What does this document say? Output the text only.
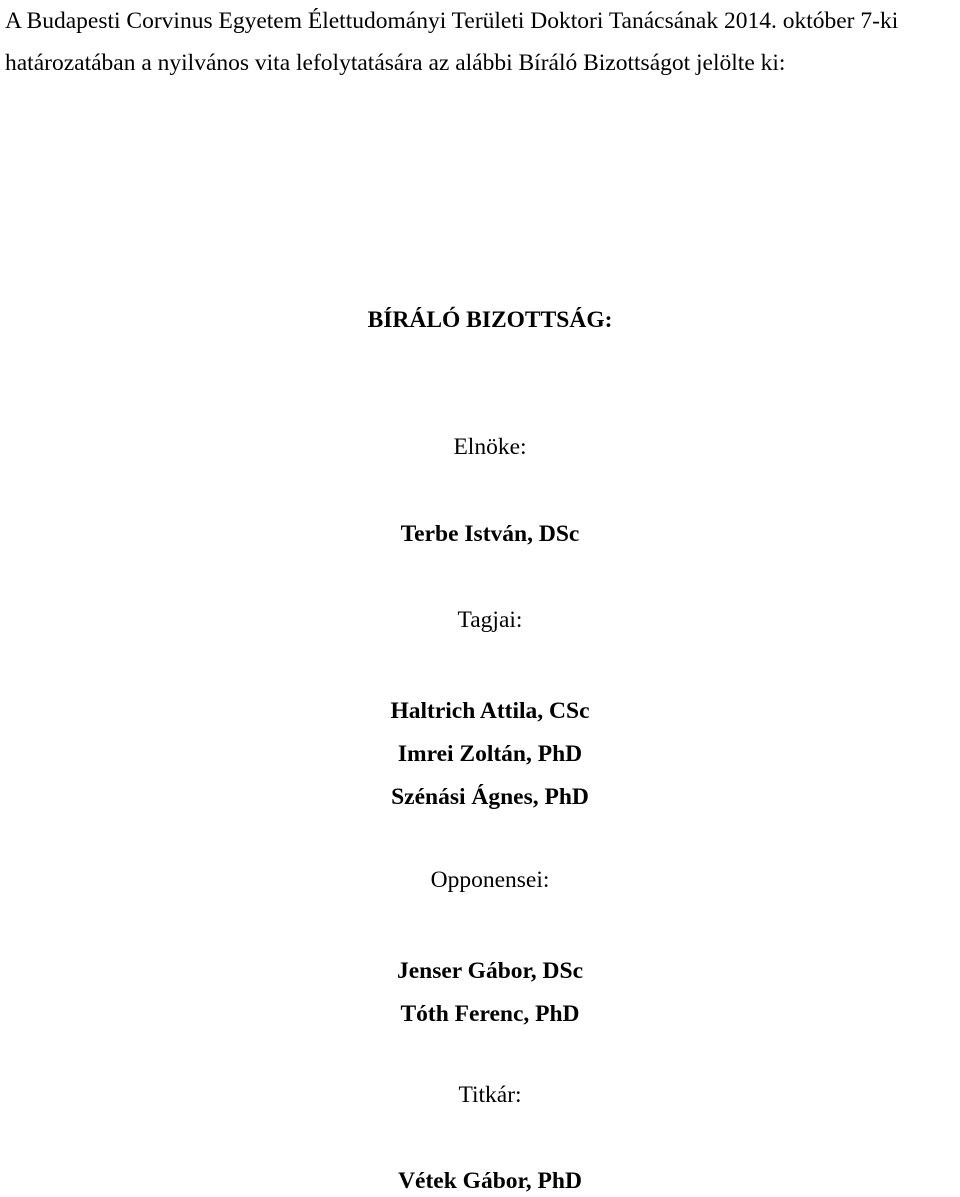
A Budapesti Corvinus Egyetem Élettudományi Területi Doktori Tanácsának 2014. október 7-ki

határozatában a nyilvános vita lefolytatására az alábbi Bíráló Bizottságot jelölte ki:

BÍRÁLÓ BIZOTTSÁG:
Elnöke:
Terbe István, DSc
Tagjai:
Haltrich Attila, CSc
Imrei Zoltán, PhD
Szénási Ágnes, PhD
Opponensei:
Jenser Gábor, DSc
Tóth Ferenc, PhD
Titkár:
Vétek Gábor, PhD
